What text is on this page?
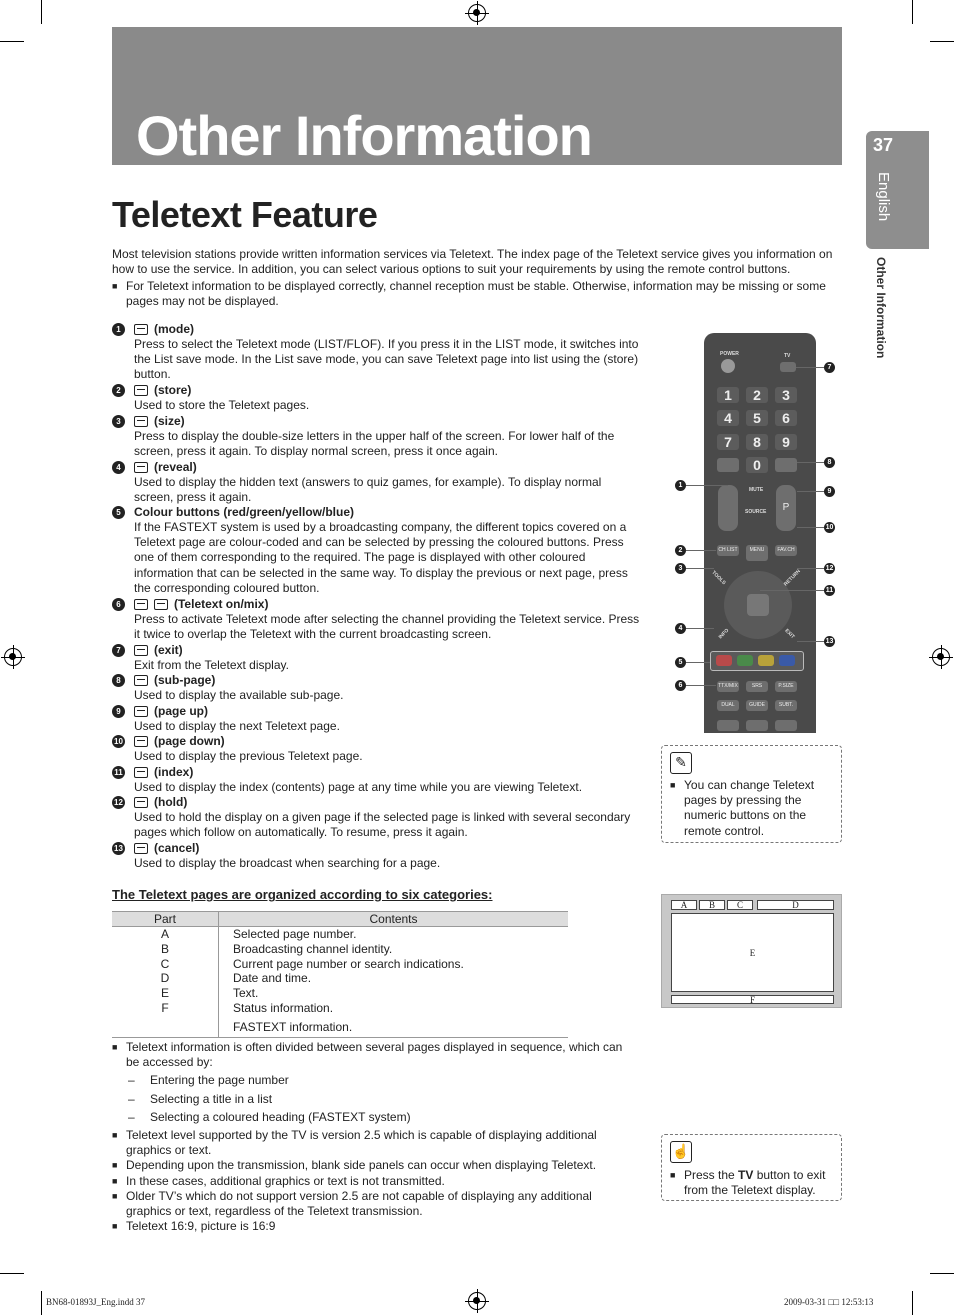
Other Information	37
English
Other Information
Teletext Feature
Most television stations provide written information services via Teletext. The index page of the Teletext service gives you information on how to use the service. In addition, you can select various options to suit your requirements by using the remote control buttons.
■ For Teletext information to be displayed correctly, channel reception must be stable. Otherwise, information may be missing or some pages may not be displayed.
1	(mode)
Press to select the Teletext mode (LIST/FLOF). If you press it in the LIST mode, it switches into the List save mode. In the List save mode, you can save Teletext page into list using the (store) button.
2	(store)
Used to store the Teletext pages.
3	(size)
Press to display the double-size letters in the upper half of the screen. For lower half of the screen, press it again. To display normal screen, press it once again.
4	(reveal)
Used to display the hidden text (answers to quiz games, for example). To display normal screen, press it again.
5	Colour buttons (red/green/yellow/blue)
If the FASTEXT system is used by a broadcasting company, the different topics covered on a Teletext page are colour-coded and can be selected by pressing the coloured buttons. Press one of them corresponding to the required. The page is displayed with other coloured information that can be selected in the same way. To display the previous or next page, press the corresponding coloured button.
6	(Teletext on/mix)
Press to activate Teletext mode after selecting the channel providing the Teletext service. Press it twice to overlap the Teletext with the current broadcasting screen.
7	(exit)
Exit from the Teletext display.
8	(sub-page)
Used to display the available sub-page.
9	(page up)
Used to display the next Teletext page.
10	(page down)
Used to display the previous Teletext page.
11	(index)
Used to display the index (contents) page at any time while you are viewing Teletext.
12	(hold)
Used to hold the display on a given page if the selected page is linked with several secondary pages which follow on automatically. To resume, press it again.
13	(cancel)
Used to display the broadcast when searching for a page.
POWER	TV
1	2	3
4	5	6
7	8	9
0
MUTE
SOURCE	P
CH LIST	MENU	FAV.CH
TOOLS	RETURN
INFO	EXIT
TTX/MIX	SRS	P.SIZE
DUAL	GUIDE	SUBT.
1
2
3
4
5
6
7
8
9
10
11
12
13
✎
■ You can change Teletext pages by pressing the numeric buttons on the remote control.
The Teletext pages are organized according to six categories:
Part	Contents
A	Selected page number.
B	Broadcasting channel identity.
C	Current page number or search indications.
D	Date and time.
E	Text.
F	Status information.
	FASTEXT information.
A	B	C	D
E
F
■ Teletext information is often divided between several pages displayed in sequence, which can be accessed by:
–	Entering the page number
–	Selecting a title in a list
–	Selecting a coloured heading (FASTEXT system)
■ Teletext level supported by the TV is version 2.5 which is capable of displaying additional graphics or text.
■ Depending upon the transmission, blank side panels can occur when displaying Teletext.
■ In these cases, additional graphics or text is not transmitted.
■ Older TV’s which do not support version 2.5 are not capable of displaying any additional graphics or text, regardless of the Teletext transmission.
■ Teletext 16:9, picture is 16:9
☝
■ Press the TV button to exit from the Teletext display.
BN68-01893J_Eng.indd 37	2009-03-31 □□ 12:53:13
